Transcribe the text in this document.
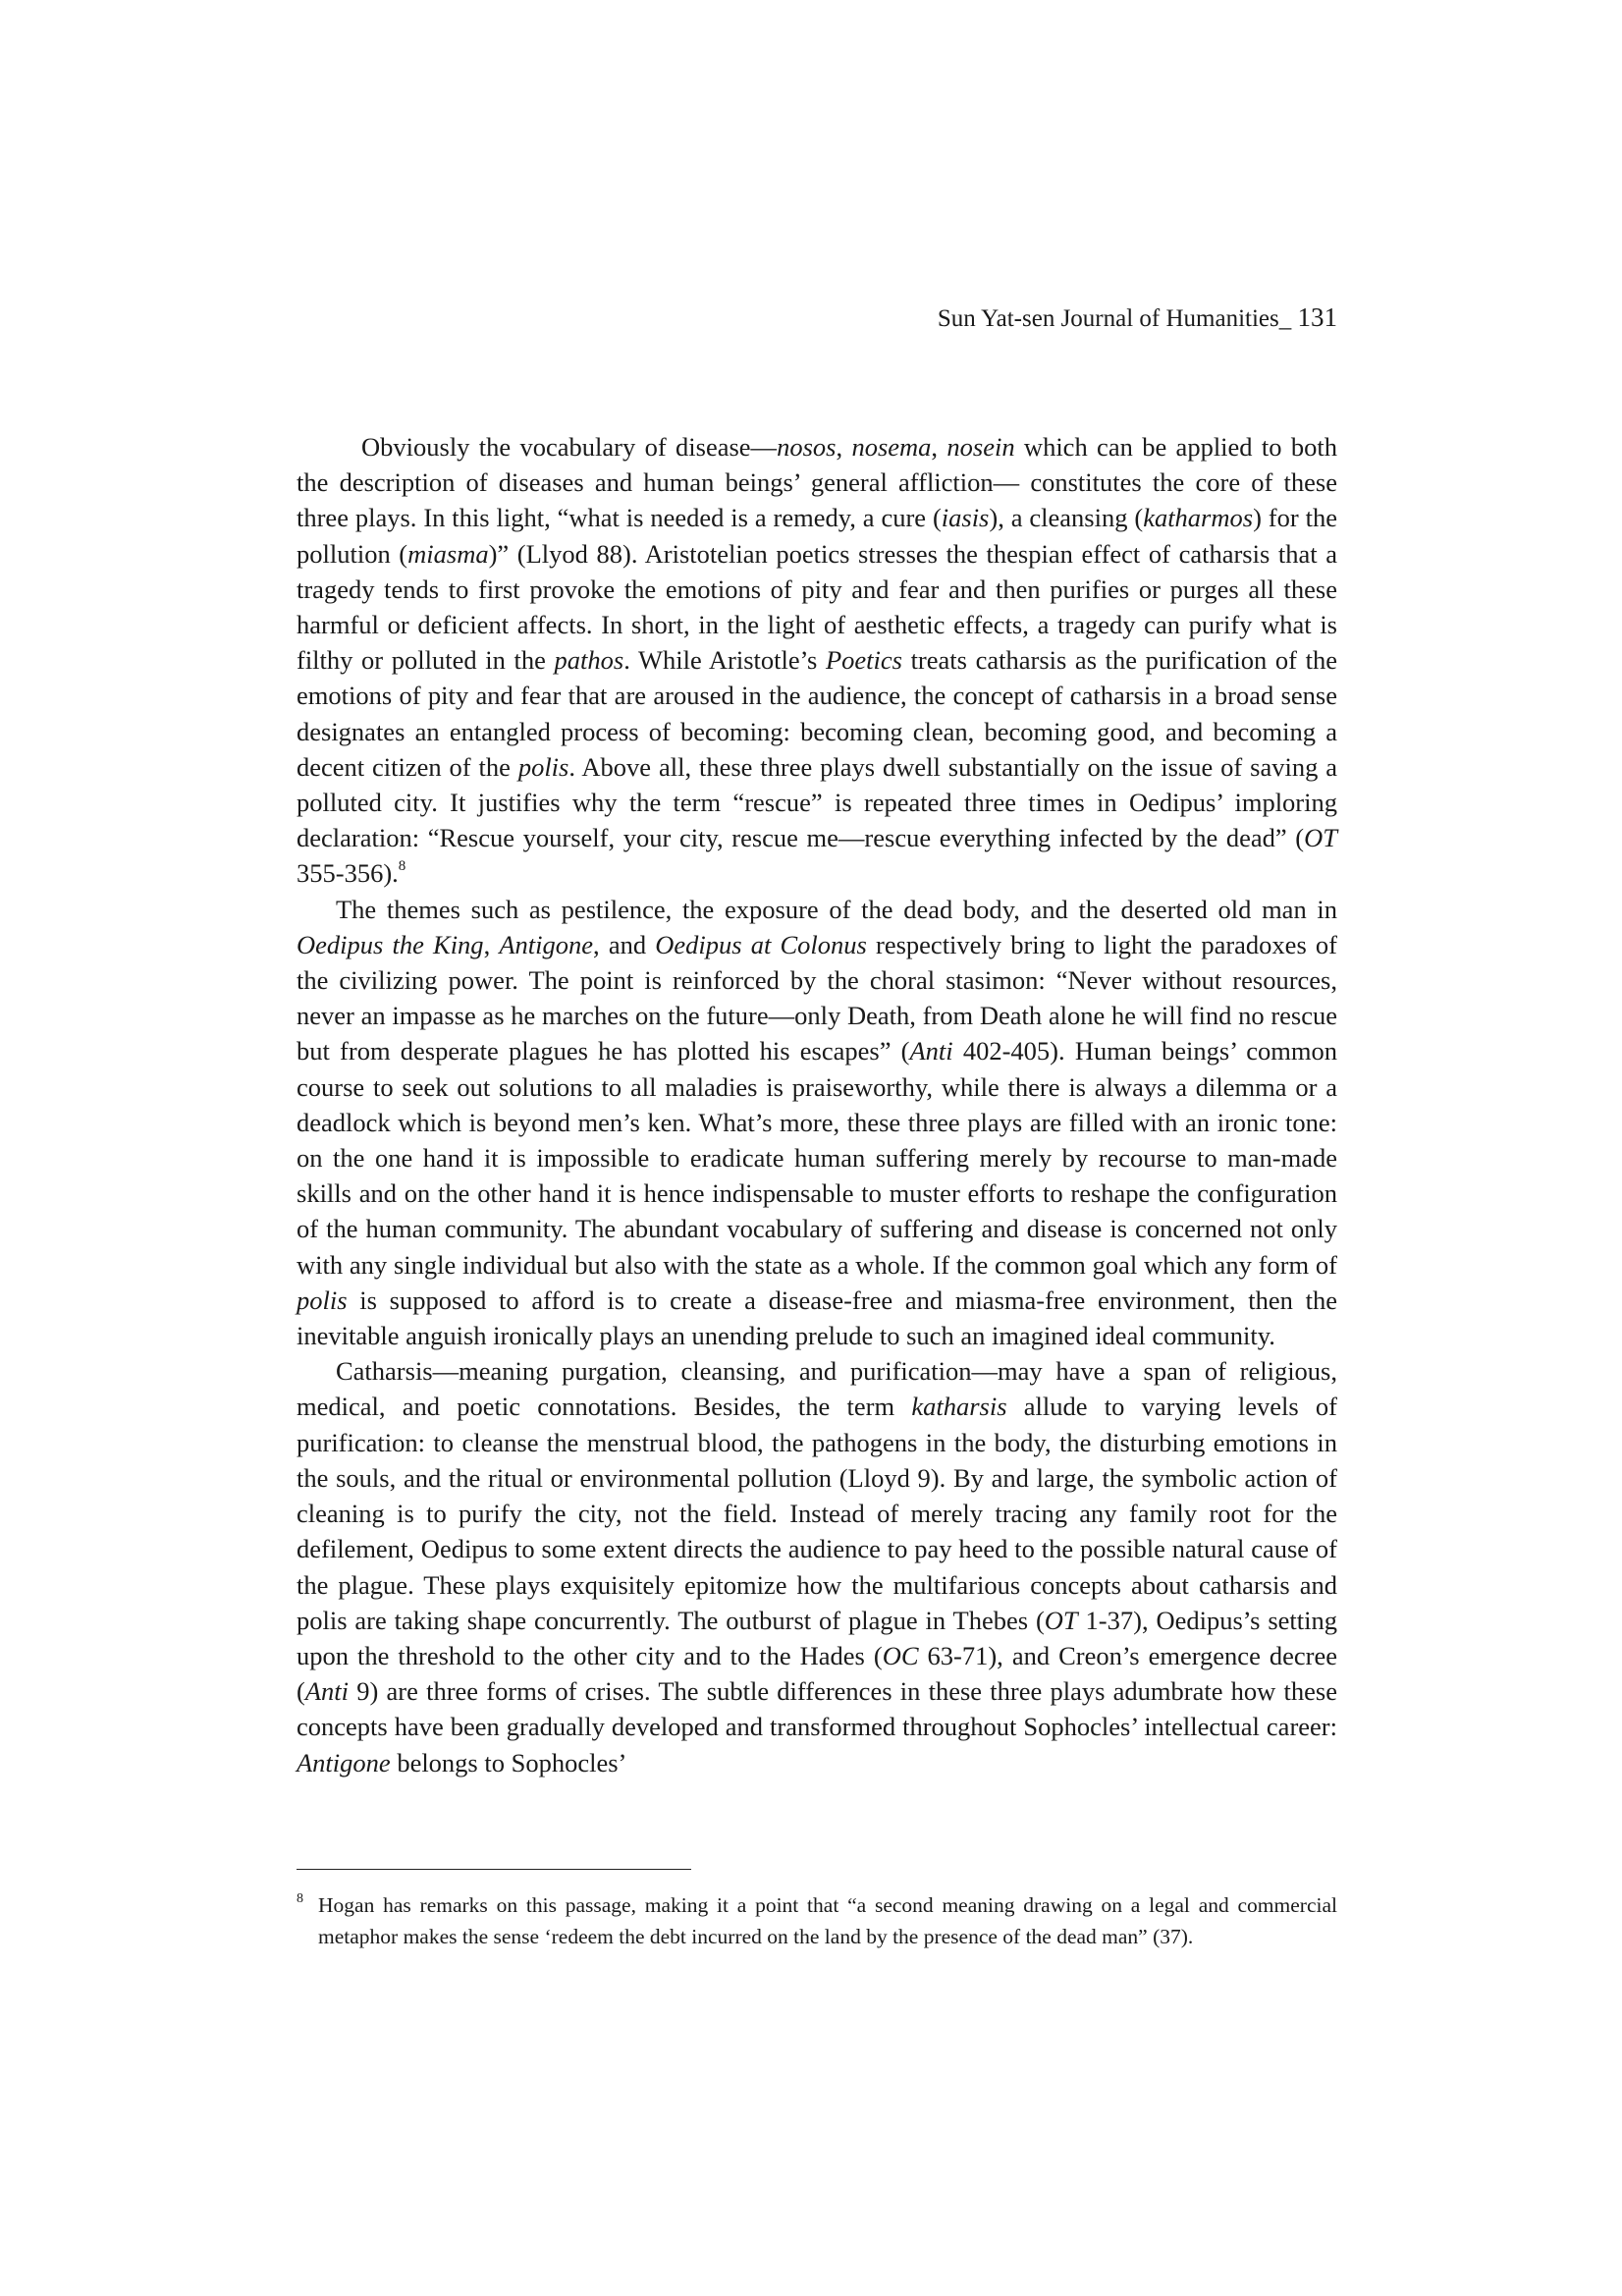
Sun Yat-sen Journal of Humanities_ 131

Obviously the vocabulary of disease—nosos, nosema, nosein which can be applied to both the description of diseases and human beings’ general affliction— constitutes the core of these three plays. In this light, “what is needed is a remedy, a cure (iasis), a cleansing (katharmos) for the pollution (miasma)” (Llyod 88). Aristotelian poetics stresses the thespian effect of catharsis that a tragedy tends to first provoke the emotions of pity and fear and then purifies or purges all these harmful or deficient affects. In short, in the light of aesthetic effects, a tragedy can purify what is filthy or polluted in the pathos. While Aristotle’s Poetics treats catharsis as the purification of the emotions of pity and fear that are aroused in the audience, the concept of catharsis in a broad sense designates an entangled process of becoming: becoming clean, becoming good, and becoming a decent citizen of the polis. Above all, these three plays dwell substantially on the issue of saving a polluted city. It justifies why the term “rescue” is repeated three times in Oedipus’ imploring declaration: “Rescue yourself, your city, rescue me—rescue everything infected by the dead” (OT 355-356).$^8$

The themes such as pestilence, the exposure of the dead body, and the deserted old man in Oedipus the King, Antigone, and Oedipus at Colonus respectively bring to light the paradoxes of the civilizing power. The point is reinforced by the choral stasimon: “Never without resources, never an impasse as he marches on the future—only Death, from Death alone he will find no rescue but from desperate plagues he has plotted his escapes” (Anti 402-405). Human beings’ common course to seek out solutions to all maladies is praiseworthy, while there is always a dilemma or a deadlock which is beyond men’s ken. What’s more, these three plays are filled with an ironic tone: on the one hand it is impossible to eradicate human suffering merely by recourse to man-made skills and on the other hand it is hence indispensable to muster efforts to reshape the configuration of the human community. The abundant vocabulary of suffering and disease is concerned not only with any single individual but also with the state as a whole. If the common goal which any form of polis is supposed to afford is to create a disease-free and miasma-free environment, then the inevitable anguish ironically plays an unending prelude to such an imagined ideal community.

Catharsis—meaning purgation, cleansing, and purification—may have a span of religious, medical, and poetic connotations. Besides, the term katharsis allude to varying levels of purification: to cleanse the menstrual blood, the pathogens in the body, the disturbing emotions in the souls, and the ritual or environmental pollution (Lloyd 9). By and large, the symbolic action of cleaning is to purify the city, not the field. Instead of merely tracing any family root for the defilement, Oedipus to some extent directs the audience to pay heed to the possible natural cause of the plague. These plays exquisitely epitomize how the multifarious concepts about catharsis and polis are taking shape concurrently. The outburst of plague in Thebes (OT 1-37), Oedipus’s setting upon the threshold to the other city and to the Hades (OC 63-71), and Creon’s emergence decree (Anti 9) are three forms of crises. The subtle differences in these three plays adumbrate how these concepts have been gradually developed and transformed throughout Sophocles’ intellectual career: Antigone belongs to Sophocles’

8 Hogan has remarks on this passage, making it a point that “a second meaning drawing on a legal and commercial metaphor makes the sense ‘redeem the debt incurred on the land by the presence of the dead man” (37).
